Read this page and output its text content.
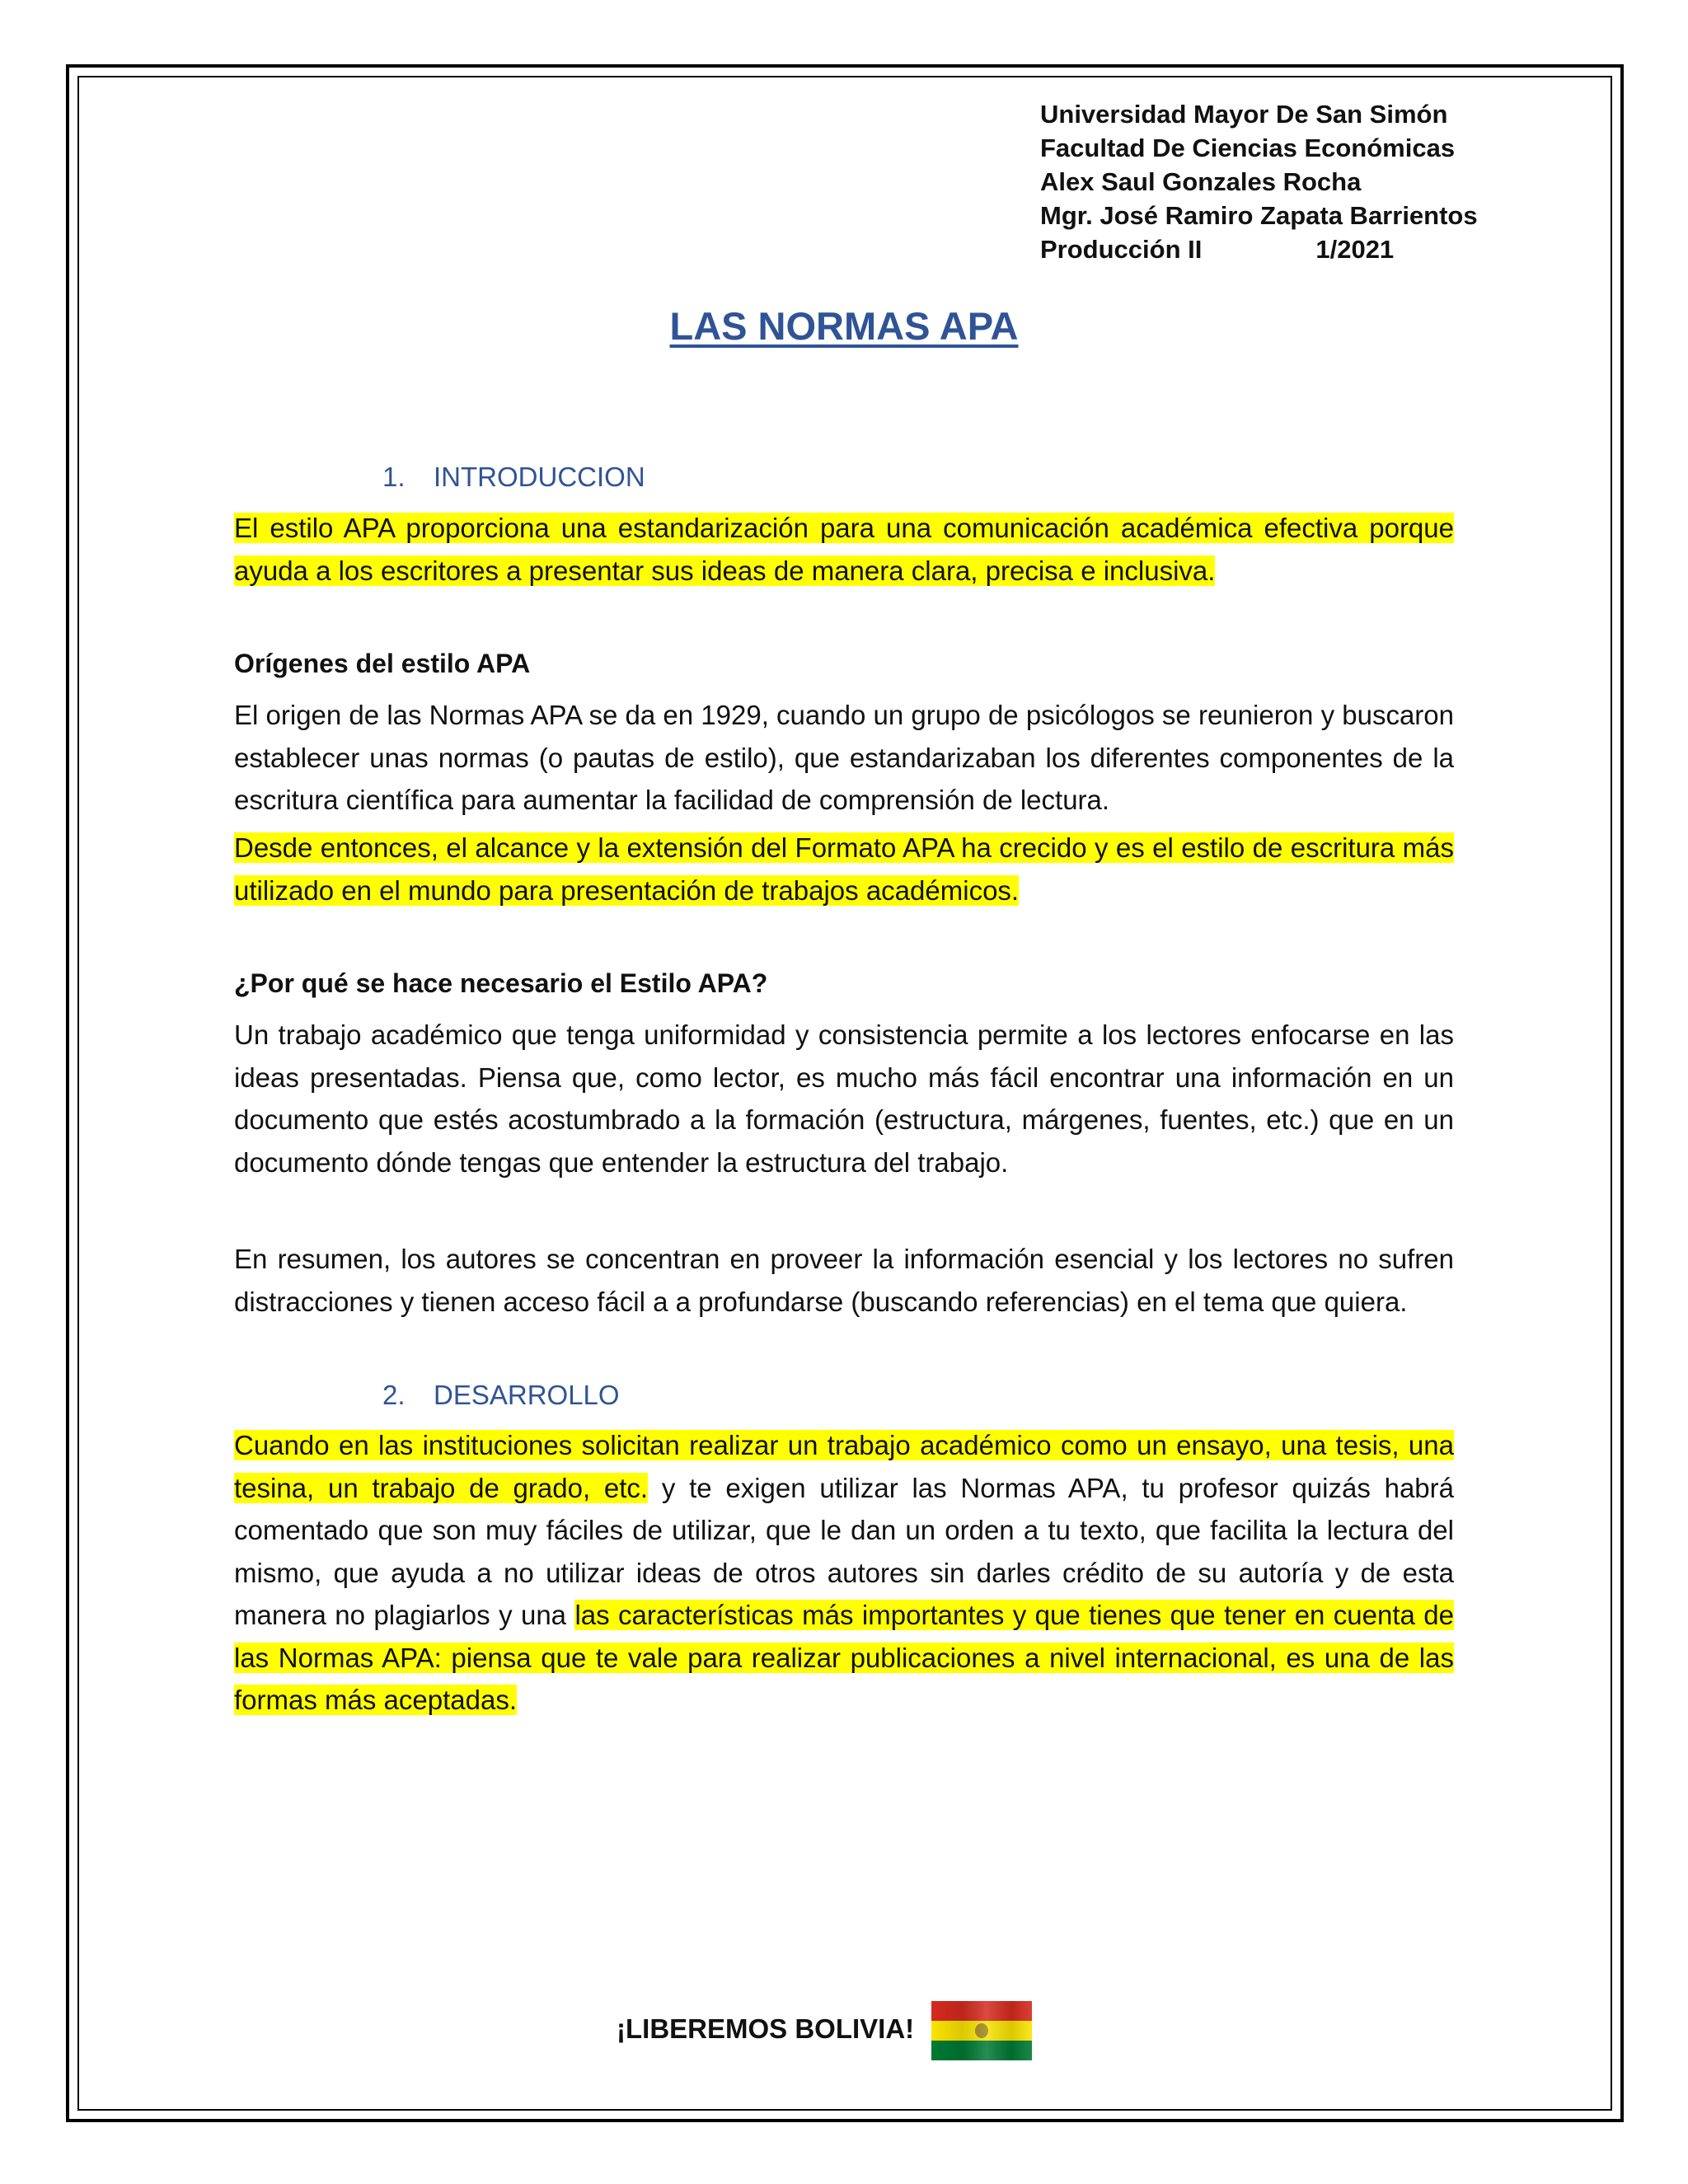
Universidad Mayor De San Simón
Facultad De Ciencias Económicas
Alex Saul Gonzales Rocha
Mgr. José Ramiro Zapata Barrientos
Producción II	1/2021
LAS NORMAS APA
1. INTRODUCCION
El estilo APA proporciona una estandarización para una comunicación académica efectiva porque ayuda a los escritores a presentar sus ideas de manera clara, precisa e inclusiva.
Orígenes del estilo APA
El origen de las Normas APA se da en 1929, cuando un grupo de psicólogos se reunieron y buscaron establecer unas normas (o pautas de estilo), que estandarizaban los diferentes componentes de la escritura científica para aumentar la facilidad de comprensión de lectura.
Desde entonces, el alcance y la extensión del Formato APA ha crecido y es el estilo de escritura más utilizado en el mundo para presentación de trabajos académicos.
¿Por qué se hace necesario el Estilo APA?
Un trabajo académico que tenga uniformidad y consistencia permite a los lectores enfocarse en las ideas presentadas. Piensa que, como lector, es mucho más fácil encontrar una información en un documento que estés acostumbrado a la formación (estructura, márgenes, fuentes, etc.) que en un documento dónde tengas que entender la estructura del trabajo.
En resumen, los autores se concentran en proveer la información esencial y los lectores no sufren distracciones y tienen acceso fácil a a profundarse (buscando referencias) en el tema que quiera.
2. DESARROLLO
Cuando en las instituciones solicitan realizar un trabajo académico como un ensayo, una tesis, una tesina, un trabajo de grado, etc. y te exigen utilizar las Normas APA, tu profesor quizás habrá comentado que son muy fáciles de utilizar, que le dan un orden a tu texto, que facilita la lectura del mismo, que ayuda a no utilizar ideas de otros autores sin darles crédito de su autoría y de esta manera no plagiarlos y una las características más importantes y que tienes que tener en cuenta de las Normas APA: piensa que te vale para realizar publicaciones a nivel internacional, es una de las formas más aceptadas.
¡LIBEREMOS BOLIVIA!
